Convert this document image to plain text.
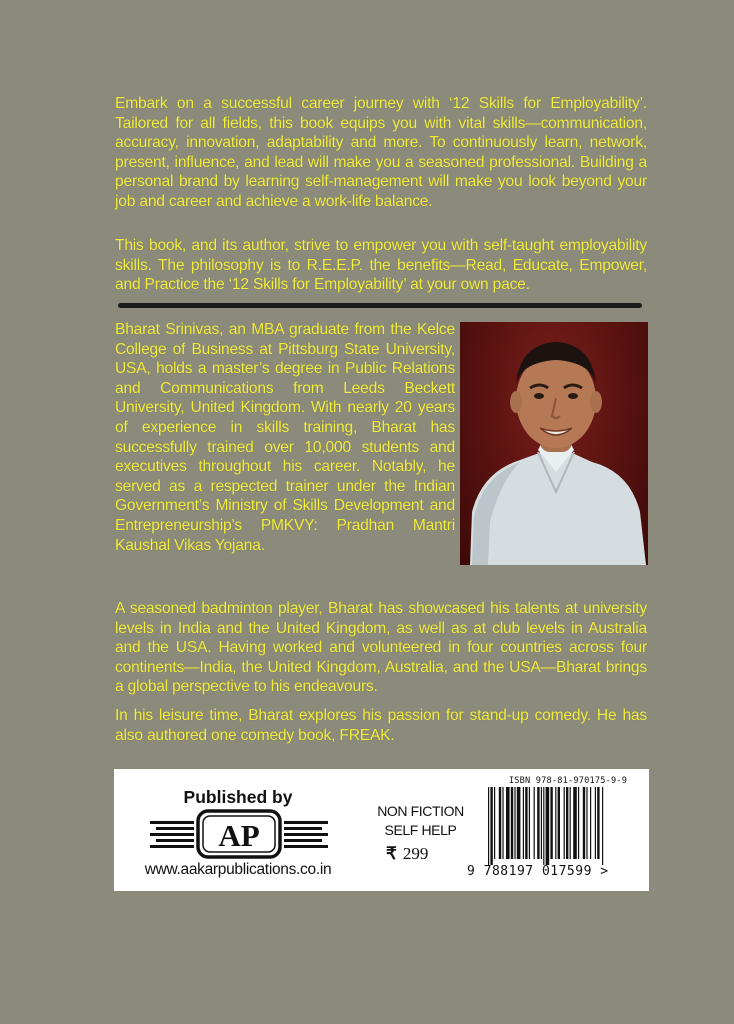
Embark on a successful career journey with ‘12 Skills for Employability’. Tailored for all fields, this book equips you with vital skills—communication, accuracy, innovation, adaptability and more. To continuously learn, network, present, influence, and lead will make you a seasoned professional. Building a personal brand by learning self-management will make you look beyond your job and career and achieve a work-life balance.
This book, and its author, strive to empower you with self-taught employability skills. The philosophy is to R.E.E.P. the benefits—Read, Educate, Empower, and Practice the ‘12 Skills for Employability’ at your own pace.
Bharat Srinivas, an MBA graduate from the Kelce College of Business at Pittsburg State University, USA, holds a master’s degree in Public Relations and Communications from Leeds Beckett University, United Kingdom. With nearly 20 years of experience in skills training, Bharat has successfully trained over 10,000 students and executives throughout his career. Notably, he served as a respected trainer under the Indian Government’s Ministry of Skills Development and Entrepreneurship’s PMKVY: Pradhan Mantri Kaushal Vikas Yojana.
A seasoned badminton player, Bharat has showcased his talents at university levels in India and the United Kingdom, as well as at club levels in Australia and the USA. Having worked and volunteered in four countries across four continents—India, the United Kingdom, Australia, and the USA—Bharat brings a global perspective to his endeavours.
In his leisure time, Bharat explores his passion for stand-up comedy. He has also authored one comedy book, FREAK.
Published by
AP
www.aakarpublications.co.in
NON FICTION
SELF HELP
₹ 299
ISBN 978-81-970175-9-9
9 788197 017599 >
